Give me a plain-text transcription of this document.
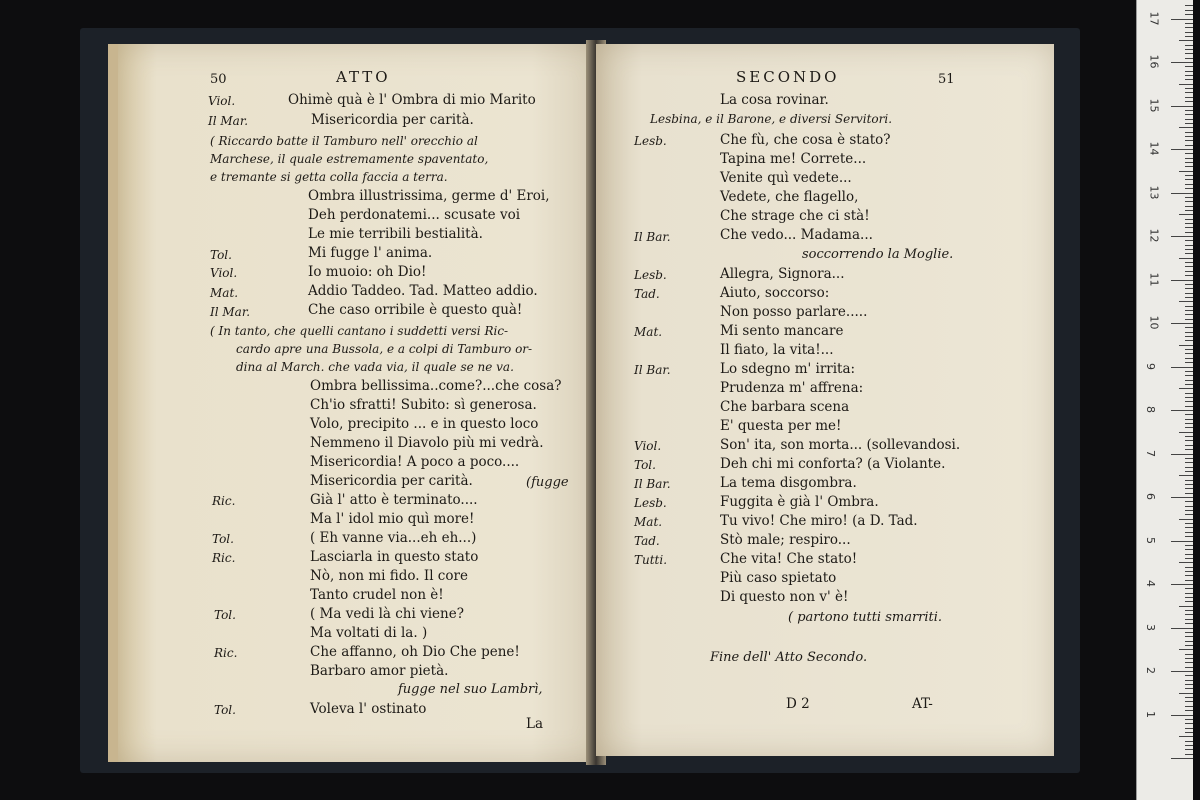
50	ATTO
Viol.	Ohimè quà è l' Ombra di mio Marito
Il Mar.	Misericordia per carità.
( Riccardo batte il Tamburo nell' orecchio al
Marchese, il quale estremamente spaventato,
e tremante si getta colla faccia a terra.
Ombra illustrissima, germe d' Eroi,
Deh perdonatemi... scusate voi
Le mie terribili bestialità.
Tol.	Mi fugge l' anima.
Viol.	Io muoio: oh Dio!
Mat.	Addio Taddeo. Tad. Matteo addio.
Il Mar.	Che caso orribile è questo quà!
( In tanto, che quelli cantano i suddetti versi Ric-
cardo apre una Bussola, e a colpi di Tamburo or-
dina al March. che vada via, il quale se ne va.
Ombra bellissima..come?...che cosa?
Ch'io sfratti! Subito: sì generosa.
Volo, precipito ... e in questo loco
Nemmeno il Diavolo più mi vedrà.
Misericordia! A poco a poco....
Misericordia per carità.	(fugge
Ric.	Già l' atto è terminato....
Ma l' idol mio quì more!
Tol.	( Eh vanne via...eh eh...)
Ric.	Lasciarla in questo stato
Nò, non mi fido. Il core
Tanto crudel non è!
Tol.	( Ma vedi là chi viene?
Ma voltati di la. )
Ric.	Che affanno, oh Dio Che pene!
Barbaro amor pietà.
fugge nel suo Lambrì,
Tol.	Voleva l' ostinato
La
SECONDO	51
La cosa rovinar.
Lesbina, e il Barone, e diversi Servitori.
Lesb.	Che fù, che cosa è stato?
Tapina me! Correte...
Venite quì vedete...
Vedete, che flagello,
Che strage che ci stà!
Il Bar.	Che vedo... Madama...
soccorrendo la Moglie.
Lesb.	Allegra, Signora...
Tad.	Aiuto, soccorso:
Non posso parlare.....
Mat.	Mi sento mancare
Il fiato, la vita!...
Il Bar.	Lo sdegno m' irrita:
Prudenza m' affrena:
Che barbara scena
E' questa per me!
Viol.	Son' ita, son morta... (sollevandosi.
Tol.	Deh chi mi conforta? (a Violante.
Il Bar.	La tema disgombra.
Lesb.	Fuggita è già l' Ombra.
Mat.	Tu vivo! Che miro! (a D. Tad.
Tad.	Stò male; respiro...
Tutti.	Che vita! Che stato!
Più caso spietato
Di questo non v' è!
( partono tutti smarriti.
Fine dell' Atto Secondo.
D 2	AT-
1
2
3
4
5
6
7
8
9
10
11
12
13
14
15
16
17
